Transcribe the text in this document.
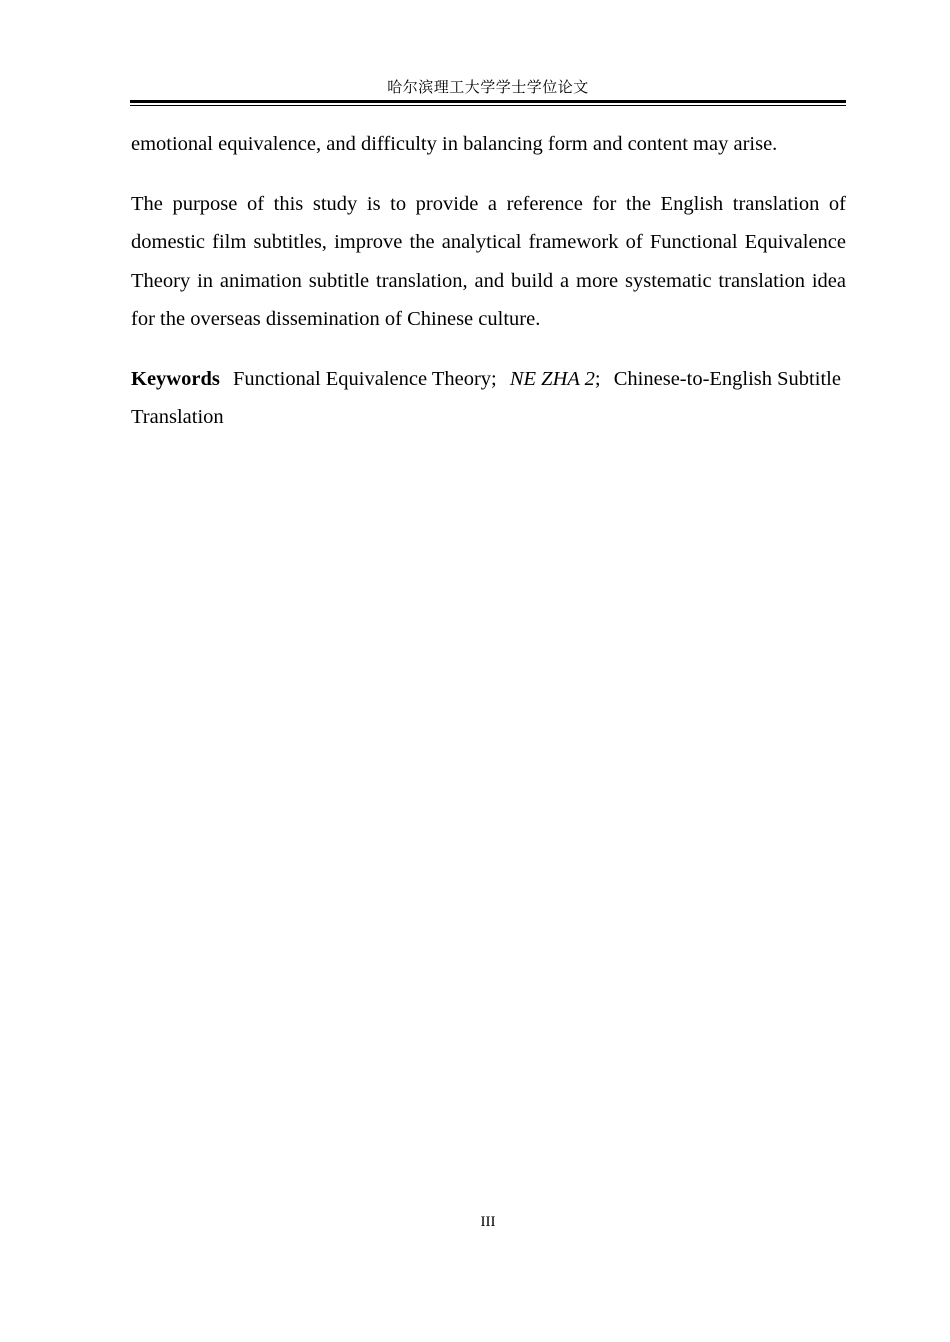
哈尔滨理工大学学士学位论文

emotional equivalence, and difficulty in balancing form and content may arise.

The purpose of this study is to provide a reference for the English translation of domestic film subtitles, improve the analytical framework of Functional Equivalence Theory in animation subtitle translation, and build a more systematic translation idea for the overseas dissemination of Chinese culture.

Keywords Functional Equivalence Theory; NE ZHA 2; Chinese-to-English Subtitle Translation

III
